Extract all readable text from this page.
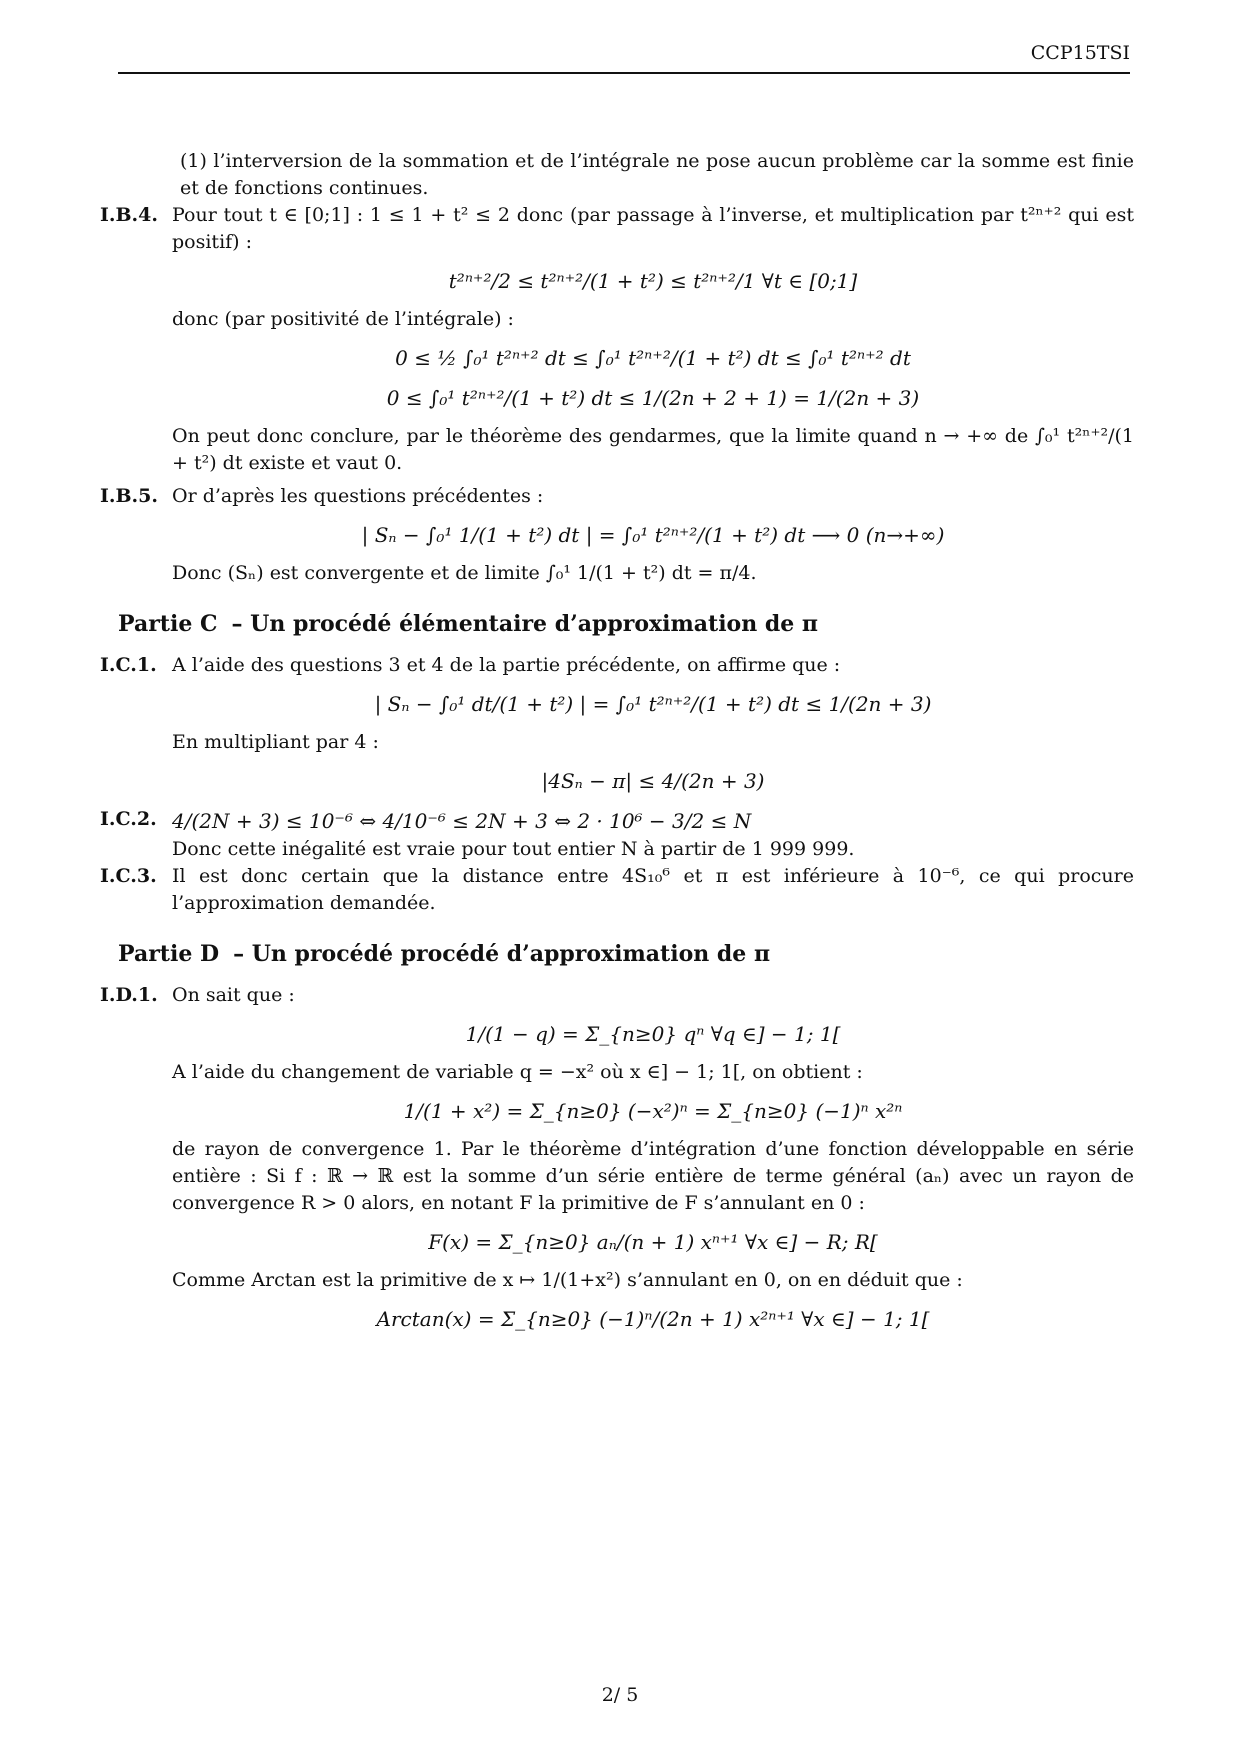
CCP15TSI

(1) l’interversion de la sommation et de l’intégrale ne pose aucun problème car la somme est finie et de fonctions continues.

I.B.4. Pour tout t ∈ [0;1] : 1 ≤ 1 + t² ≤ 2 donc (par passage à l’inverse, et multiplication par t²ⁿ⁺² qui est positif) :

t²ⁿ⁺²/2 ≤ t²ⁿ⁺²/(1 + t²) ≤ t²ⁿ⁺²/1 ∀t ∈ [0;1]

donc (par positivité de l’intégrale) :

0 ≤ ½ ∫₀¹ t²ⁿ⁺² dt ≤ ∫₀¹ t²ⁿ⁺²/(1 + t²) dt ≤ ∫₀¹ t²ⁿ⁺² dt
0 ≤ ∫₀¹ t²ⁿ⁺²/(1 + t²) dt ≤ 1/(2n + 2 + 1) = 1/(2n + 3)

On peut donc conclure, par le théorème des gendarmes, que la limite quand n → +∞ de ∫₀¹ t²ⁿ⁺²/(1 + t²) dt existe et vaut 0.

I.B.5. Or d’après les questions précédentes :

| Sₙ − ∫₀¹ 1/(1 + t²) dt | = ∫₀¹ t²ⁿ⁺²/(1 + t²) dt ⟶ 0 (n→+∞)

Donc (Sₙ) est convergente et de limite ∫₀¹ 1/(1 + t²) dt = π/4.

Partie C – Un procédé élémentaire d’approximation de π
I.C.1. A l’aide des questions 3 et 4 de la partie précédente, on affirme que :

| Sₙ − ∫₀¹ dt/(1 + t²) | = ∫₀¹ t²ⁿ⁺²/(1 + t²) dt ≤ 1/(2n + 3)

En multipliant par 4 :

|4Sₙ − π| ≤ 4/(2n + 3)
I.C.2. 4/(2N + 3) ≤ 10⁻⁶ ⇔ 4/10⁻⁶ ≤ 2N + 3 ⇔ 2 · 10⁶ − 3/2 ≤ N

Donc cette inégalité est vraie pour tout entier N à partir de 1 999 999.

I.C.3. Il est donc certain que la distance entre 4S₁₀⁶ et π est inférieure à 10⁻⁶, ce qui procure l’approximation demandée.

Partie D – Un procédé procédé d’approximation de π
I.D.1. On sait que :

1/(1 − q) = Σ_{n≥0} qⁿ ∀q ∈] − 1; 1[

A l’aide du changement de variable q = −x² où x ∈] − 1; 1[, on obtient :

1/(1 + x²) = Σ_{n≥0} (−x²)ⁿ = Σ_{n≥0} (−1)ⁿ x²ⁿ

de rayon de convergence 1. Par le théorème d’intégration d’une fonction développable en série entière : Si f : ℝ → ℝ est la somme d’un série entière de terme général (aₙ) avec un rayon de convergence R > 0 alors, en notant F la primitive de F s’annulant en 0 :

F(x) = Σ_{n≥0} aₙ/(n + 1) xⁿ⁺¹ ∀x ∈] − R; R[

Comme Arctan est la primitive de x ↦ 1/(1+x²) s’annulant en 0, on en déduit que :

Arctan(x) = Σ_{n≥0} (−1)ⁿ/(2n + 1) x²ⁿ⁺¹ ∀x ∈] − 1; 1[
2/ 5
